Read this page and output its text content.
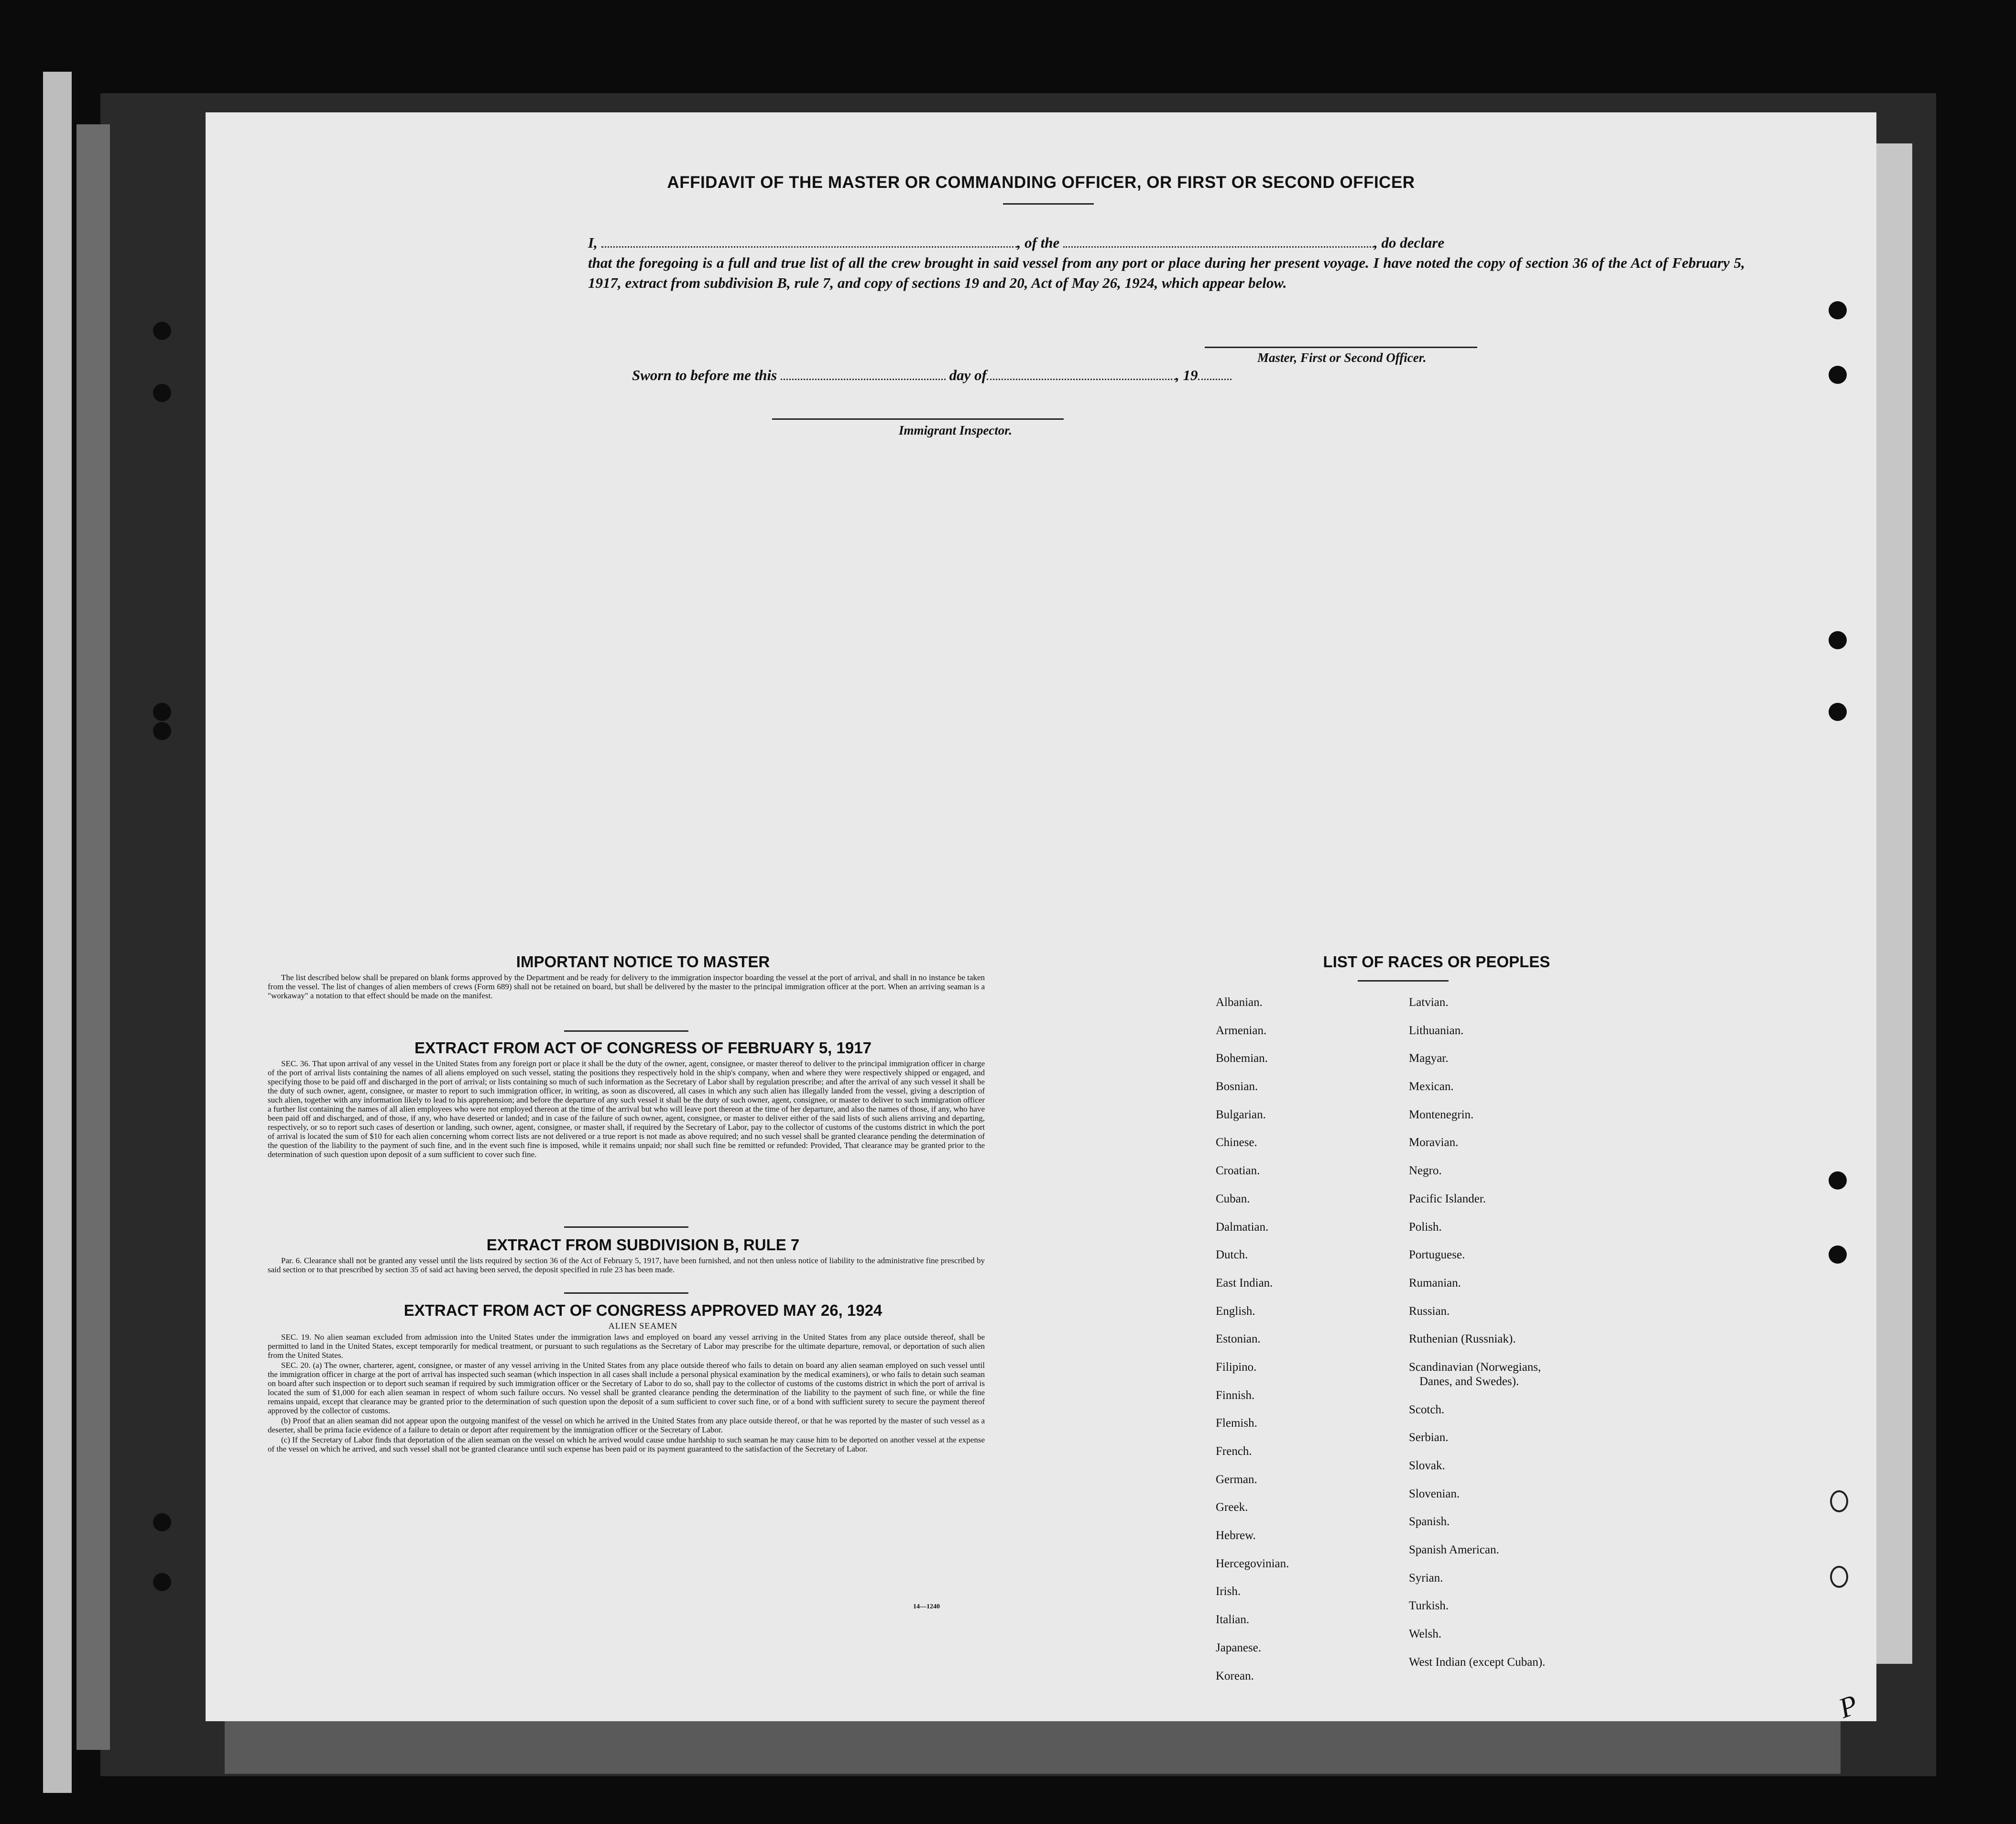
AFFIDAVIT OF THE MASTER OR COMMANDING OFFICER, OR FIRST OR SECOND OFFICER
I,	, of the	, do declare
that the foregoing is a full and true list of all the crew brought in said vessel from any port or place during her present voyage. I have noted the copy of section 36 of the Act of February 5, 1917, extract from subdivision B, rule 7, and copy of sections 19 and 20, Act of May 26, 1924, which appear below.
Master, First or Second Officer.
Sworn to before me this	day of	, 19
Immigrant Inspector.
IMPORTANT NOTICE TO MASTER

The list described below shall be prepared on blank forms approved by the Department and be ready for delivery to the immigration inspector boarding the vessel at the port of arrival, and shall in no instance be taken from the vessel. The list of changes of alien members of crews (Form 689) shall not be retained on board, but shall be delivered by the master to the principal immigration officer at the port. When an arriving seaman is a "workaway" a notation to that effect should be made on the manifest.

EXTRACT FROM ACT OF CONGRESS OF FEBRUARY 5, 1917

SEC. 36. That upon arrival of any vessel in the United States from any foreign port or place it shall be the duty of the owner, agent, consignee, or master thereof to deliver to the principal immigration officer in charge of the port of arrival lists containing the names of all aliens employed on such vessel, stating the positions they respectively hold in the ship's company, when and where they were respectively shipped or engaged, and specifying those to be paid off and discharged in the port of arrival; or lists containing so much of such information as the Secretary of Labor shall by regulation prescribe; and after the arrival of any such vessel it shall be the duty of such owner, agent, consignee, or master to report to such immigration officer, in writing, as soon as discovered, all cases in which any such alien has illegally landed from the vessel, giving a description of such alien, together with any information likely to lead to his apprehension; and before the departure of any such vessel it shall be the duty of such owner, agent, consignee, or master to deliver to such immigration officer a further list containing the names of all alien employees who were not employed thereon at the time of the arrival but who will leave port thereon at the time of her departure, and also the names of those, if any, who have been paid off and discharged, and of those, if any, who have deserted or landed; and in case of the failure of such owner, agent, consignee, or master to deliver either of the said lists of such aliens arriving and departing, respectively, or so to report such cases of desertion or landing, such owner, agent, consignee, or master shall, if required by the Secretary of Labor, pay to the collector of customs of the customs district in which the port of arrival is located the sum of $10 for each alien concerning whom correct lists are not delivered or a true report is not made as above required; and no such vessel shall be granted clearance pending the determination of the question of the liability to the payment of such fine, and in the event such fine is imposed, while it remains unpaid; nor shall such fine be remitted or refunded: Provided, That clearance may be granted prior to the determination of such question upon deposit of a sum sufficient to cover such fine.

EXTRACT FROM SUBDIVISION B, RULE 7

Par. 6. Clearance shall not be granted any vessel until the lists required by section 36 of the Act of February 5, 1917, have been furnished, and not then unless notice of liability to the administrative fine prescribed by said section or to that prescribed by section 35 of said act having been served, the deposit specified in rule 23 has been made.

EXTRACT FROM ACT OF CONGRESS APPROVED MAY 26, 1924
ALIEN SEAMEN

SEC. 19. No alien seaman excluded from admission into the United States under the immigration laws and employed on board any vessel arriving in the United States from any place outside thereof, shall be permitted to land in the United States, except temporarily for medical treatment, or pursuant to such regulations as the Secretary of Labor may prescribe for the ultimate departure, removal, or deportation of such alien from the United States.

SEC. 20. (a) The owner, charterer, agent, consignee, or master of any vessel arriving in the United States from any place outside thereof who fails to detain on board any alien seaman employed on such vessel until the immigration officer in charge at the port of arrival has inspected such seaman (which inspection in all cases shall include a personal physical examination by the medical examiners), or who fails to detain such seaman on board after such inspection or to deport such seaman if required by such immigration officer or the Secretary of Labor to do so, shall pay to the collector of customs of the customs district in which the port of arrival is located the sum of $1,000 for each alien seaman in respect of whom such failure occurs. No vessel shall be granted clearance pending the determination of the liability to the payment of such fine, or while the fine remains unpaid, except that clearance may be granted prior to the determination of such question upon the deposit of a sum sufficient to cover such fine, or of a bond with sufficient surety to secure the payment thereof approved by the collector of customs.

(b) Proof that an alien seaman did not appear upon the outgoing manifest of the vessel on which he arrived in the United States from any place outside thereof, or that he was reported by the master of such vessel as a deserter, shall be prima facie evidence of a failure to detain or deport after requirement by the immigration officer or the Secretary of Labor.

(c) If the Secretary of Labor finds that deportation of the alien seaman on the vessel on which he arrived would cause undue hardship to such seaman he may cause him to be deported on another vessel at the expense of the vessel on which he arrived, and such vessel shall not be granted clearance until such expense has been paid or its payment guaranteed to the satisfaction of the Secretary of Labor.

14—1240
LIST OF RACES OR PEOPLES
Albanian.
Armenian.
Bohemian.
Bosnian.
Bulgarian.
Chinese.
Croatian.
Cuban.
Dalmatian.
Dutch.
East Indian.
English.
Estonian.
Filipino.
Finnish.
Flemish.
French.
German.
Greek.
Hebrew.
Hercegovinian.
Irish.
Italian.
Japanese.
Korean.
Latvian.
Lithuanian.
Magyar.
Mexican.
Montenegrin.
Moravian.
Negro.
Pacific Islander.
Polish.
Portuguese.
Rumanian.
Russian.
Ruthenian (Russniak).
Scandinavian (Norwegians,
Danes, and Swedes).
Scotch.
Serbian.
Slovak.
Slovenian.
Spanish.
Spanish American.
Syrian.
Turkish.
Welsh.
West Indian (except Cuban).
P
